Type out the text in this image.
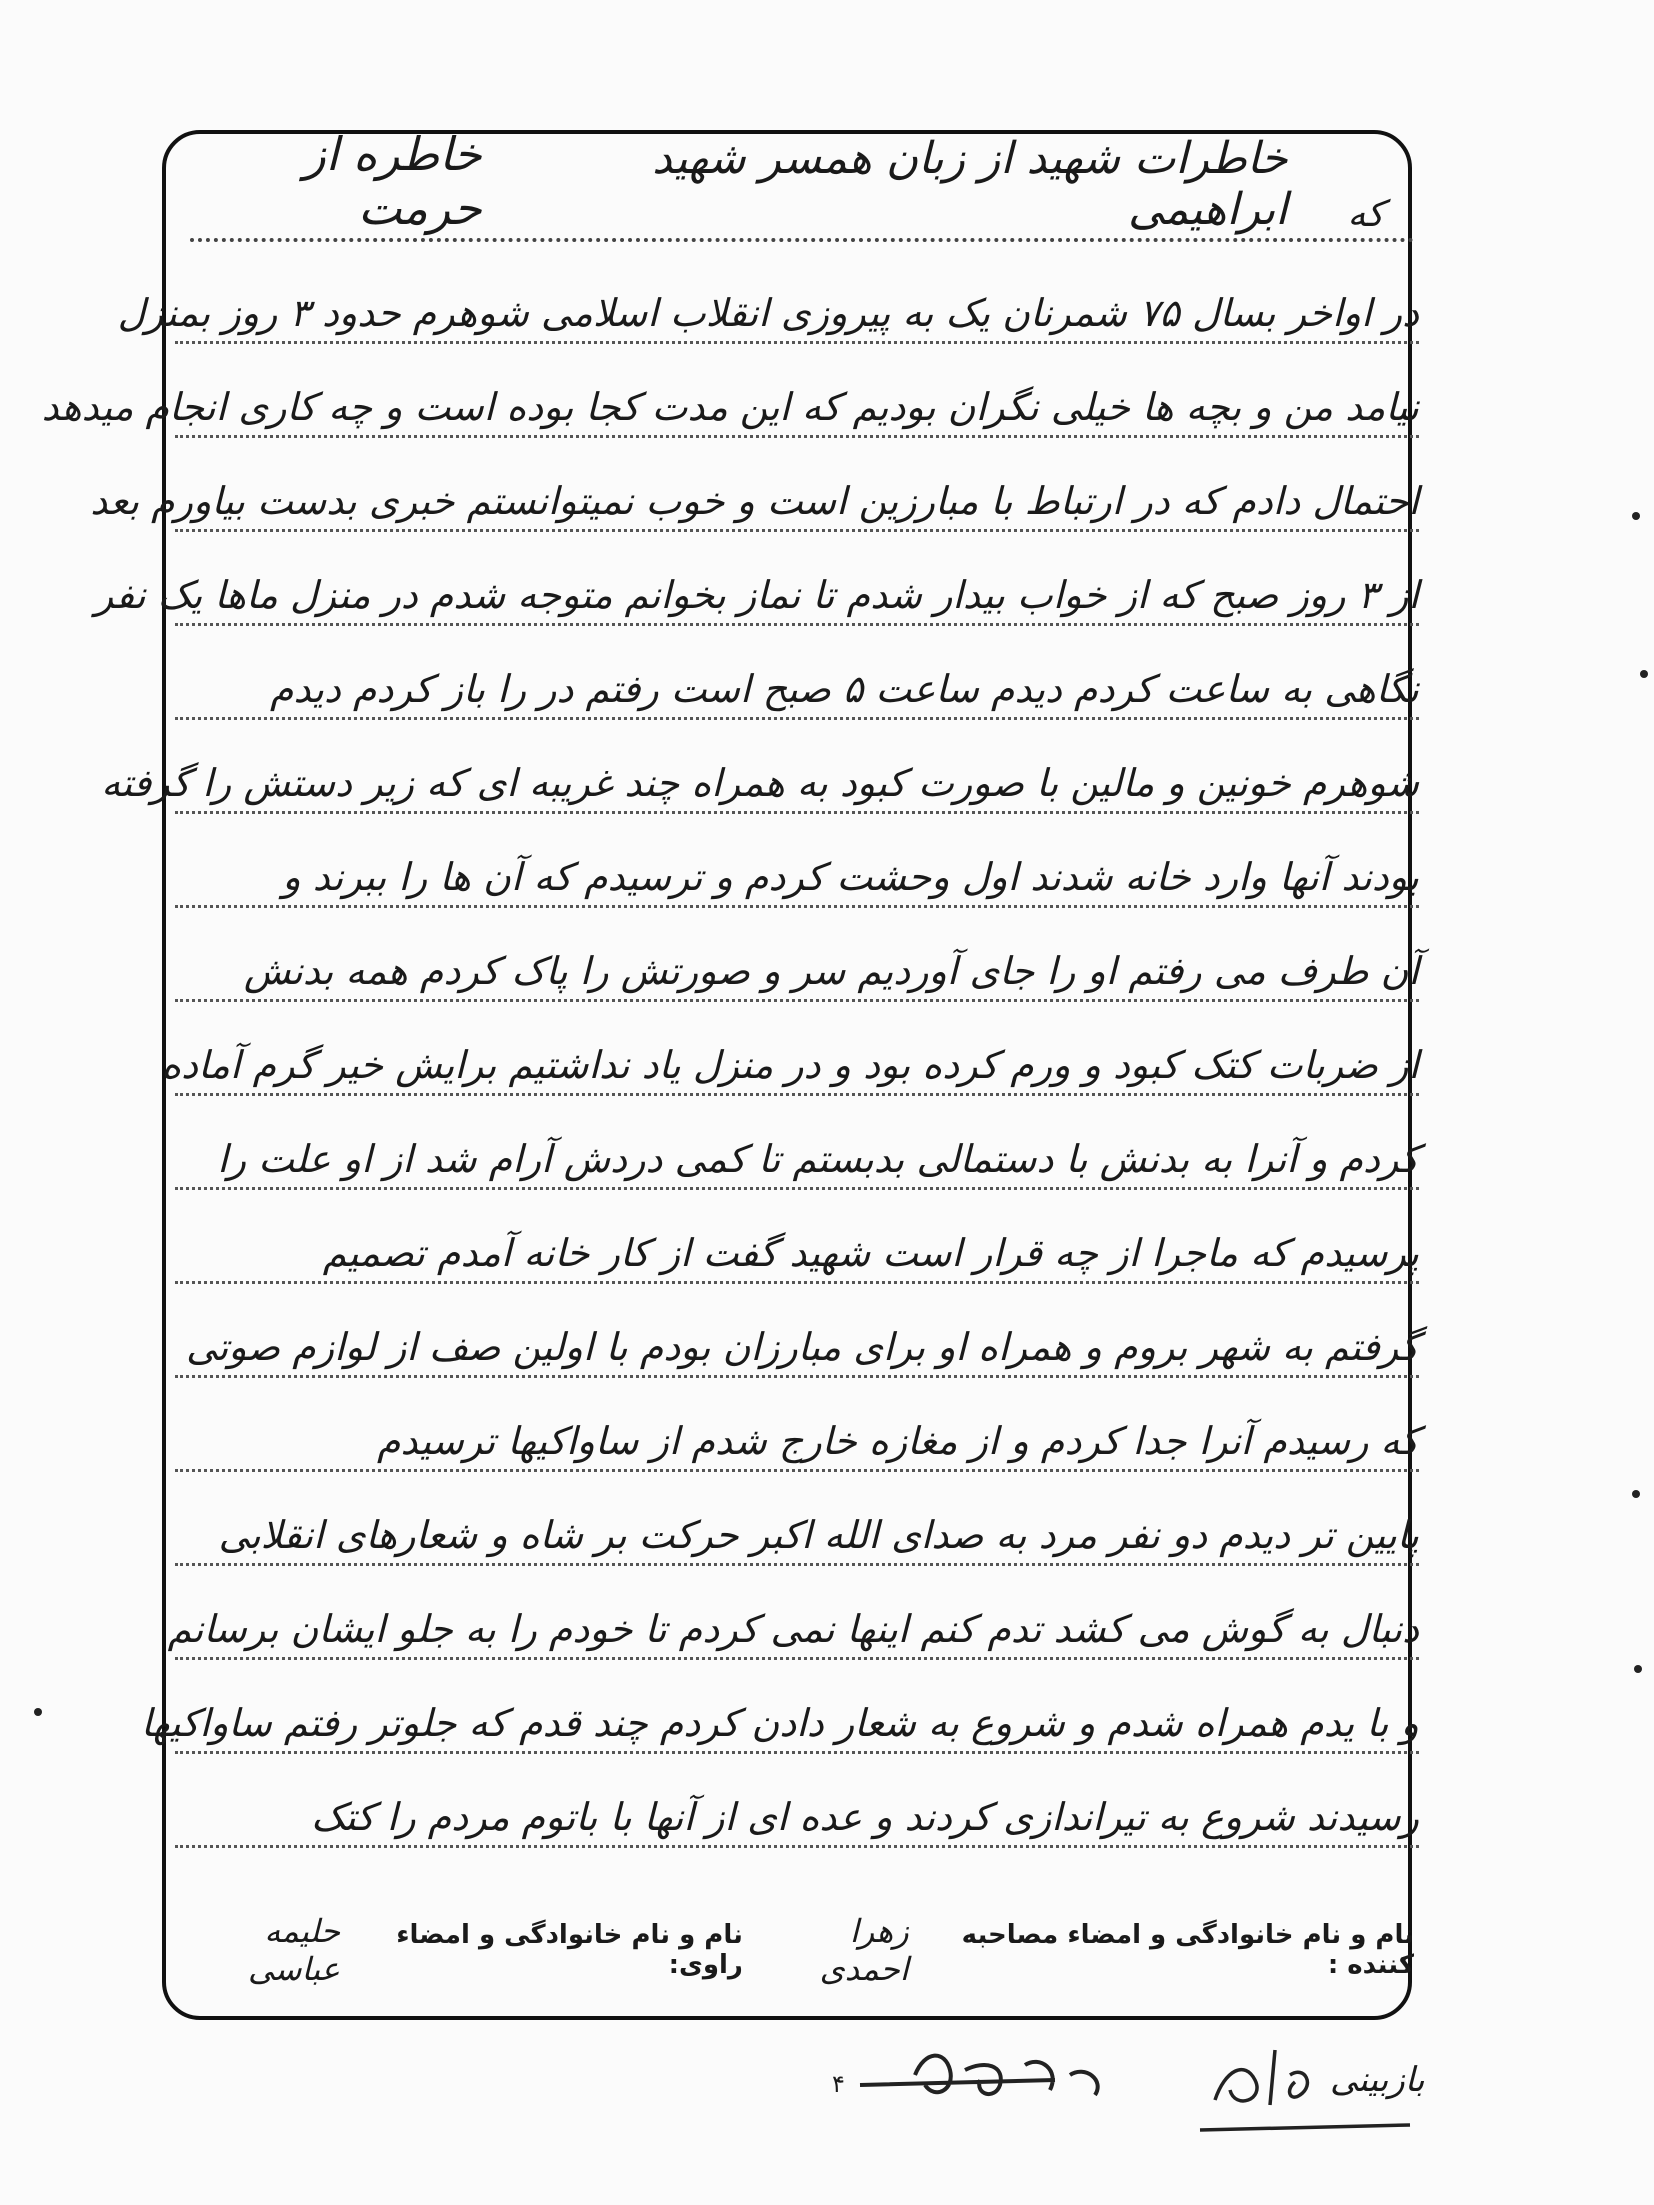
که
خاطرات شهید از زبان همسر شهید ابراهیمی
خاطره از حرمت
در اواخر بسال ۷۵ شمرنان یک به پیروزی انقلاب اسلامی شوهرم حدود ۳ روز بمنزل
نیامد من و بچه ها خیلی نگران بودیم که این مدت کجا بوده است و چه کاری انجام میدهد
احتمال دادم که در ارتباط با مبارزین است و خوب نمیتوانستم خبری بدست بیاورم بعد
از ۳ روز صبح که از خواب بیدار شدم تا نماز بخوانم متوجه شدم در منزل ماها یک نفر
نگاهی به ساعت کردم دیدم ساعت ۵ صبح است رفتم در را باز کردم دیدم
شوهرم خونین و مالین با صورت کبود به همراه چند غریبه ای که زیر دستش را گرفته
بودند آنها وارد خانه شدند اول وحشت کردم و ترسیدم که آن ها را ببرند و
آن طرف می رفتم او را جای آوردیم سر و صورتش را پاک کردم همه بدنش
از ضربات کتک کبود و ورم کرده بود و در منزل یاد نداشتیم برایش خیر گرم آماده
کردم و آنرا به بدنش با دستمالی بدبستم تا کمی دردش آرام شد از او علت را
پرسیدم که ماجرا از چه قرار است شهید گفت از کار خانه آمدم تصمیم
گرفتم به شهر بروم و همراه او برای مبارزان بودم با اولین صف از لوازم صوتی
که رسیدم آنرا جدا کردم و از مغازه خارج شدم از ساواکیها ترسیدم
پایین تر دیدم دو نفر مرد به صدای الله اکبر حرکت بر شاه و شعارهای انقلابی
دنبال به گوش می کشد تدم کنم اینها نمی کردم تا خودم را به جلو ایشان برسانم
و با یدم همراه شدم و شروع به شعار دادن کردم چند قدم که جلوتر رفتم ساواکیها
رسیدند شروع به تیراندازی کردند و عده ای از آنها با باتوم مردم را کتک
نام و نام خانوادگی و امضاء مصاحبه کننده :
زهرا احمدی
نام و نام خانوادگی و امضاء راوی:
حلیمه عباسی
۴	بازبینی
